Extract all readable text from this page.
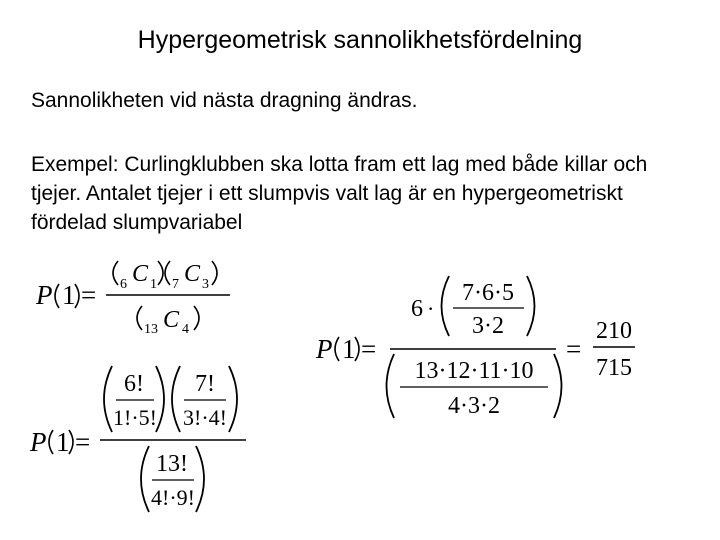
Hypergeometrisk sannolikhetsfördelning
Sannolikheten vid nästa dragning ändras.
Exempel: Curlingklubben ska lotta fram ett lag med både killar och tjejer. Antalet tjejer i ett slumpvis valt lag är en hypergeometriskt fördelad slumpvariabel
P 1 = 6 C 1 7 C 3
13 C 4
P 1 =
6!
1!·5!
7!
3!·4!
13!
4!·9!
P 1 =
6 ·
7·6·5
3·2
13·12·11·10
4·3·2
=
210
715
